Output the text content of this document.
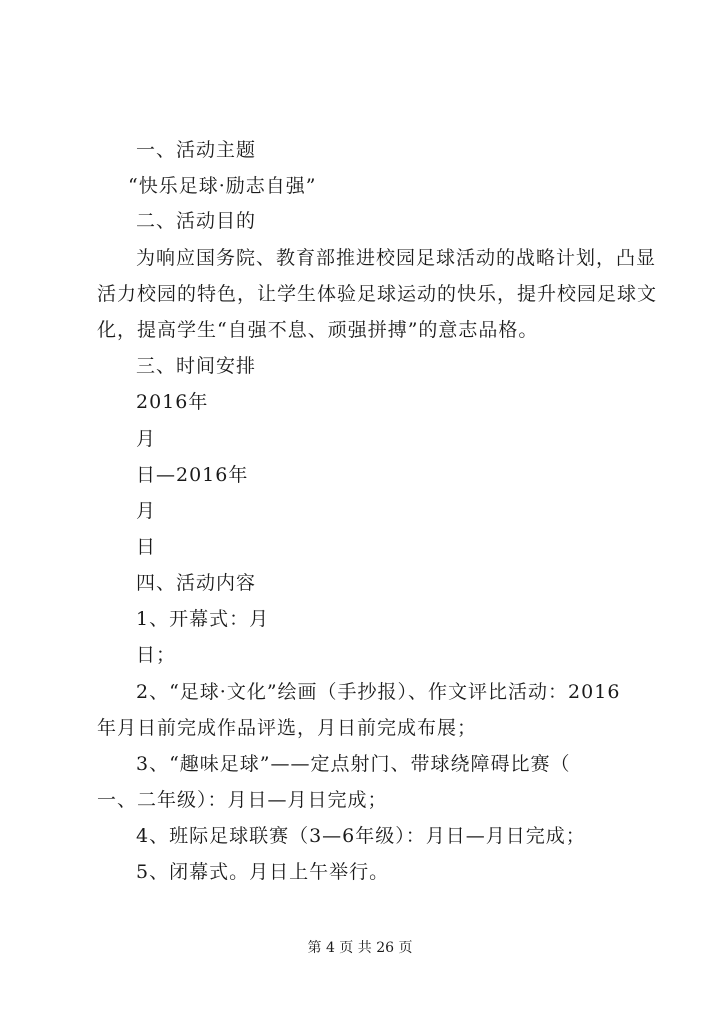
一、活动主题
“快乐足球·励志自强”
二、活动目的
为响应国务院、教育部推进校园足球活动的战略计划，凸显
活力校园的特色，让学生体验足球运动的快乐，提升校园足球文
化，提高学生“自强不息、顽强拼搏”的意志品格。
三、时间安排
2016年
月
日—2016年
月
日
四、活动内容
1、开幕式：月
日；
2、“足球·文化”绘画（手抄报）、作文评比活动：2016
年月日前完成作品评选，月日前完成布展；
3、“趣味足球”——定点射门、带球绕障碍比赛（
一、二年级）：月日—月日完成；
4、班际足球联赛（3—6年级）：月日—月日完成；
5、闭幕式。月日上午举行。
第 4 页 共 26 页
